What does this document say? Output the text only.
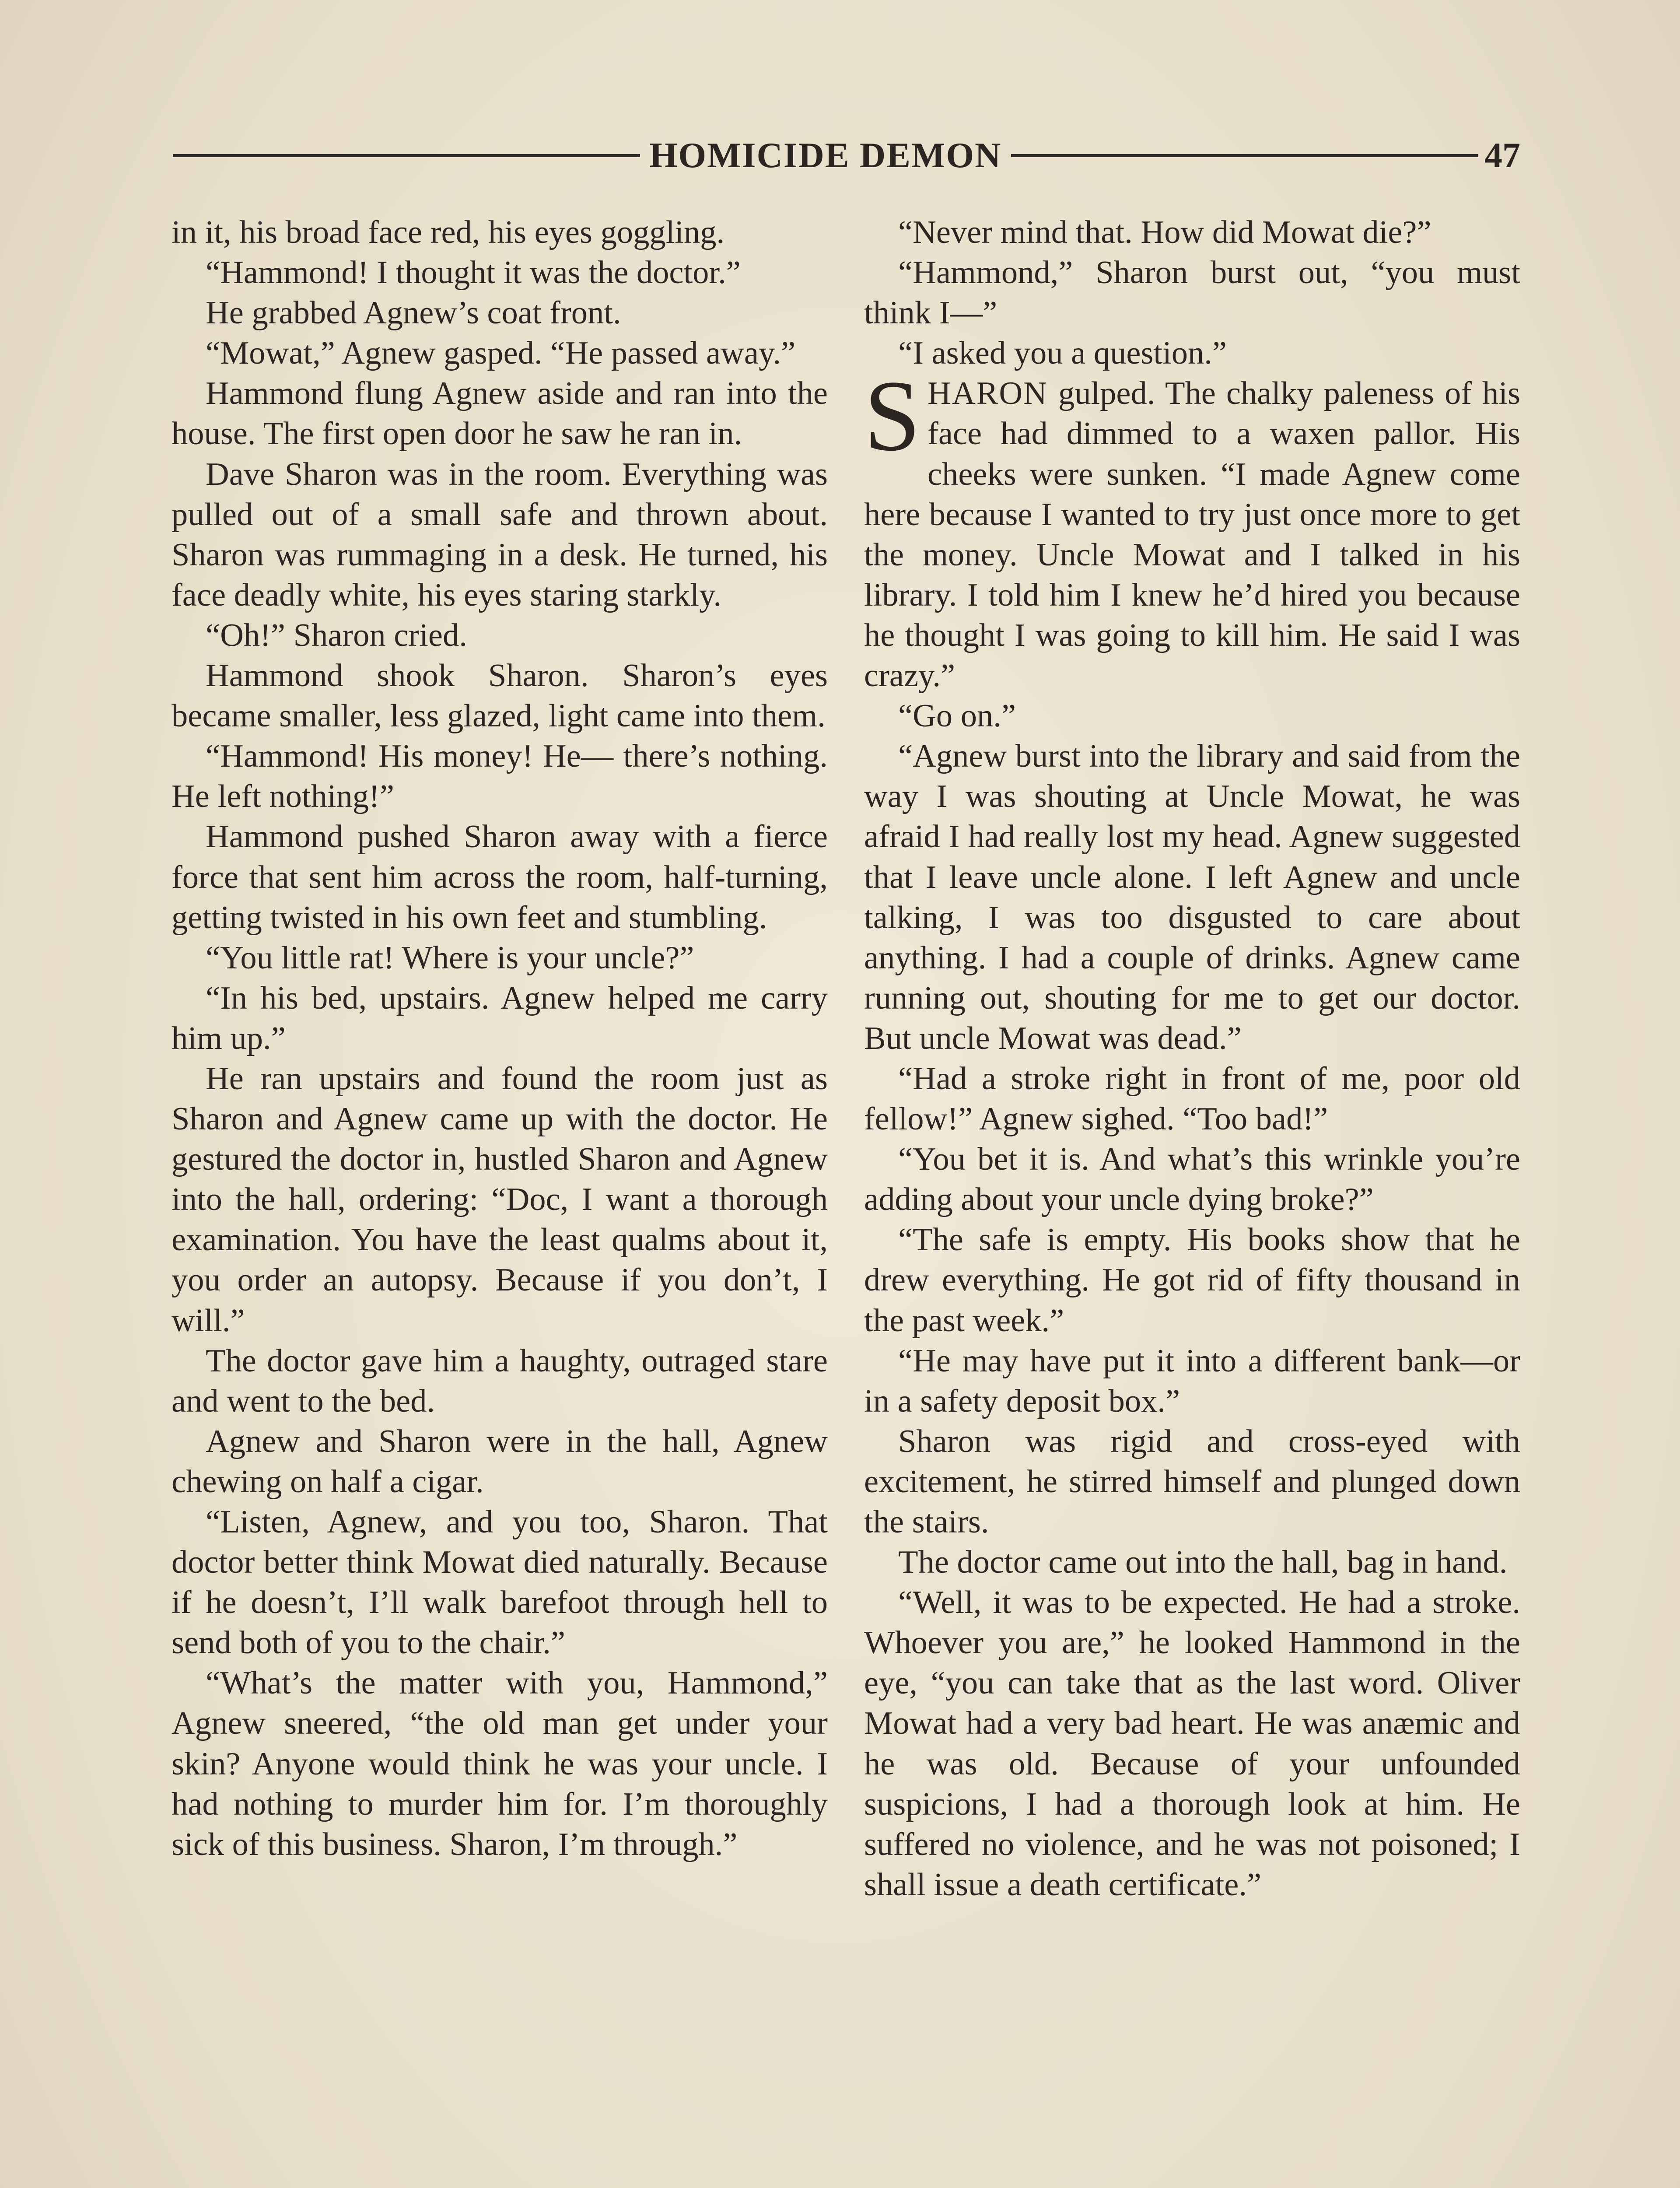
HOMICIDE DEMON	47

in it, his broad face red, his eyes goggling.

“Hammond! I thought it was the doctor.”

He grabbed Agnew’s coat front.

“Mowat,” Agnew gasped. “He passed away.”

Hammond flung Agnew aside and ran into the house. The first open door he saw he ran in.

Dave Sharon was in the room. Everything was pulled out of a small safe and thrown about. Sharon was rummaging in a desk. He turned, his face deadly white, his eyes staring starkly.

“Oh!” Sharon cried.

Hammond shook Sharon. Sharon’s eyes became smaller, less glazed, light came into them.

“Hammond! His money! He— there’s nothing. He left nothing!”

Hammond pushed Sharon away with a fierce force that sent him across the room, half-turning, getting twisted in his own feet and stumbling.

“You little rat! Where is your uncle?”

“In his bed, upstairs. Agnew helped me carry him up.”

He ran upstairs and found the room just as Sharon and Agnew came up with the doctor. He gestured the doctor in, hustled Sharon and Agnew into the hall, ordering: “Doc, I want a thorough examination. You have the least qualms about it, you order an autopsy. Because if you don’t, I will.”

The doctor gave him a haughty, outraged stare and went to the bed.

Agnew and Sharon were in the hall, Agnew chewing on half a cigar.

“Listen, Agnew, and you too, Sharon. That doctor better think Mowat died naturally. Because if he doesn’t, I’ll walk barefoot through hell to send both of you to the chair.”

“What’s the matter with you, Hammond,” Agnew sneered, “the old man get under your skin? Anyone would think he was your uncle. I had nothing to murder him for. I’m thoroughly sick of this business. Sharon, I’m through.”

“Never mind that. How did Mowat die?”

“Hammond,” Sharon burst out, “you must think I—”

“I asked you a question.”

SHARON gulped. The chalky paleness of his face had dimmed to a waxen pallor. His cheeks were sunken. “I made Agnew come here because I wanted to try just once more to get the money. Uncle Mowat and I talked in his library. I told him I knew he’d hired you because he thought I was going to kill him. He said I was crazy.”

“Go on.”

“Agnew burst into the library and said from the way I was shouting at Uncle Mowat, he was afraid I had really lost my head. Agnew suggested that I leave uncle alone. I left Agnew and uncle talking, I was too disgusted to care about anything. I had a couple of drinks. Agnew came running out, shouting for me to get our doctor. But uncle Mowat was dead.”

“Had a stroke right in front of me, poor old fellow!” Agnew sighed. “Too bad!”

“You bet it is. And what’s this wrinkle you’re adding about your uncle dying broke?”

“The safe is empty. His books show that he drew everything. He got rid of fifty thousand in the past week.”

“He may have put it into a different bank—or in a safety deposit box.”

Sharon was rigid and cross-eyed with excitement, he stirred himself and plunged down the stairs.

The doctor came out into the hall, bag in hand.

“Well, it was to be expected. He had a stroke. Whoever you are,” he looked Hammond in the eye, “you can take that as the last word. Oliver Mowat had a very bad heart. He was anæmic and he was old. Because of your unfounded suspicions, I had a thorough look at him. He suffered no violence, and he was not poisoned; I shall issue a death certificate.”
